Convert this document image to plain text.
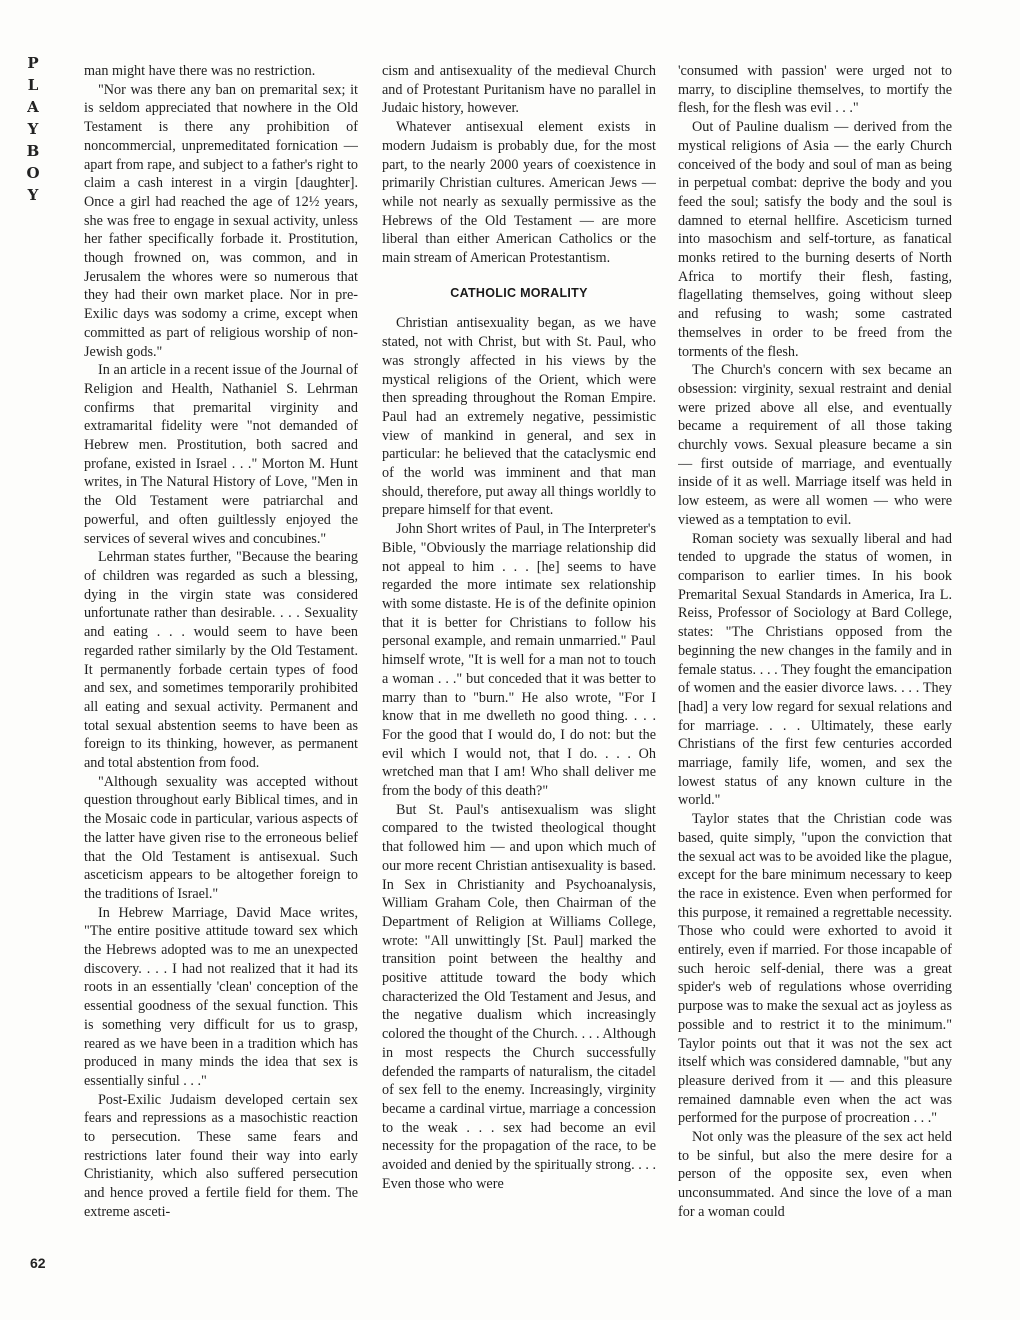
P
L
A
Y
B
O
Y

man might have there was no restriction.

"Nor was there any ban on premarital sex; it is seldom appreciated that nowhere in the Old Testament is there any prohibition of noncommercial, unpremeditated fornication — apart from rape, and subject to a father's right to claim a cash interest in a virgin [daughter]. Once a girl had reached the age of 12½ years, she was free to engage in sexual activity, unless her father specifically forbade it. Prostitution, though frowned on, was common, and in Jerusalem the whores were so numerous that they had their own market place. Nor in pre-Exilic days was sodomy a crime, except when committed as part of religious worship of non-Jewish gods."

In an article in a recent issue of the Journal of Religion and Health, Nathaniel S. Lehrman confirms that premarital virginity and extramarital fidelity were "not demanded of Hebrew men. Prostitution, both sacred and profane, existed in Israel . . ." Morton M. Hunt writes, in The Natural History of Love, "Men in the Old Testament were patriarchal and powerful, and often guiltlessly enjoyed the services of several wives and concubines."

Lehrman states further, "Because the bearing of children was regarded as such a blessing, dying in the virgin state was considered unfortunate rather than desirable. . . . Sexuality and eating . . . would seem to have been regarded rather similarly by the Old Testament. It permanently forbade certain types of food and sex, and sometimes temporarily prohibited all eating and sexual activity. Permanent and total sexual abstention seems to have been as foreign to its thinking, however, as permanent and total abstention from food.

"Although sexuality was accepted without question throughout early Biblical times, and in the Mosaic code in particular, various aspects of the latter have given rise to the erroneous belief that the Old Testament is antisexual. Such asceticism appears to be altogether foreign to the traditions of Israel."

In Hebrew Marriage, David Mace writes, "The entire positive attitude toward sex which the Hebrews adopted was to me an unexpected discovery. . . . I had not realized that it had its roots in an essentially 'clean' conception of the essential goodness of the sexual function. This is something very difficult for us to grasp, reared as we have been in a tradition which has produced in many minds the idea that sex is essentially sinful . . ."

Post-Exilic Judaism developed certain sex fears and repressions as a masochistic reaction to persecution. These same fears and restrictions later found their way into early Christianity, which also suffered persecution and hence proved a fertile field for them. The extreme asceti-

cism and antisexuality of the medieval Church and of Protestant Puritanism have no parallel in Judaic history, however.

Whatever antisexual element exists in modern Judaism is probably due, for the most part, to the nearly 2000 years of coexistence in primarily Christian cultures. American Jews — while not nearly as sexually permissive as the Hebrews of the Old Testament — are more liberal than either American Catholics or the main stream of American Protestantism.

CATHOLIC MORALITY

Christian antisexuality began, as we have stated, not with Christ, but with St. Paul, who was strongly affected in his views by the mystical religions of the Orient, which were then spreading throughout the Roman Empire. Paul had an extremely negative, pessimistic view of mankind in general, and sex in particular: he believed that the cataclysmic end of the world was imminent and that man should, therefore, put away all things worldly to prepare himself for that event.

John Short writes of Paul, in The Interpreter's Bible, "Obviously the marriage relationship did not appeal to him . . . [he] seems to have regarded the more intimate sex relationship with some distaste. He is of the definite opinion that it is better for Christians to follow his personal example, and remain unmarried." Paul himself wrote, "It is well for a man not to touch a woman . . ." but conceded that it was better to marry than to "burn." He also wrote, "For I know that in me dwelleth no good thing. . . . For the good that I would do, I do not: but the evil which I would not, that I do. . . . Oh wretched man that I am! Who shall deliver me from the body of this death?"

But St. Paul's antisexualism was slight compared to the twisted theological thought that followed him — and upon which much of our more recent Christian antisexuality is based. In Sex in Christianity and Psychoanalysis, William Graham Cole, then Chairman of the Department of Religion at Williams College, wrote: "All unwittingly [St. Paul] marked the transition point between the healthy and positive attitude toward the body which characterized the Old Testament and Jesus, and the negative dualism which increasingly colored the thought of the Church. . . . Although in most respects the Church successfully defended the ramparts of naturalism, the citadel of sex fell to the enemy. Increasingly, virginity became a cardinal virtue, marriage a concession to the weak . . . sex had become an evil necessity for the propagation of the race, to be avoided and denied by the spiritually strong. . . . Even those who were

'consumed with passion' were urged not to marry, to discipline themselves, to mortify the flesh, for the flesh was evil . . ."

Out of Pauline dualism — derived from the mystical religions of Asia — the early Church conceived of the body and soul of man as being in perpetual combat: deprive the body and you feed the soul; satisfy the body and the soul is damned to eternal hellfire. Asceticism turned into masochism and self-torture, as fanatical monks retired to the burning deserts of North Africa to mortify their flesh, fasting, flagellating themselves, going without sleep and refusing to wash; some castrated themselves in order to be freed from the torments of the flesh.

The Church's concern with sex became an obsession: virginity, sexual restraint and denial were prized above all else, and eventually became a requirement of all those taking churchly vows. Sexual pleasure became a sin — first outside of marriage, and eventually inside of it as well. Marriage itself was held in low esteem, as were all women — who were viewed as a temptation to evil.

Roman society was sexually liberal and had tended to upgrade the status of women, in comparison to earlier times. In his book Premarital Sexual Standards in America, Ira L. Reiss, Professor of Sociology at Bard College, states: "The Christians opposed from the beginning the new changes in the family and in female status. . . . They fought the emancipation of women and the easier divorce laws. . . . They [had] a very low regard for sexual relations and for marriage. . . . Ultimately, these early Christians of the first few centuries accorded marriage, family life, women, and sex the lowest status of any known culture in the world."

Taylor states that the Christian code was based, quite simply, "upon the conviction that the sexual act was to be avoided like the plague, except for the bare minimum necessary to keep the race in existence. Even when performed for this purpose, it remained a regrettable necessity. Those who could were exhorted to avoid it entirely, even if married. For those incapable of such heroic self-denial, there was a great spider's web of regulations whose overriding purpose was to make the sexual act as joyless as possible and to restrict it to the minimum." Taylor points out that it was not the sex act itself which was considered damnable, "but any pleasure derived from it — and this pleasure remained damnable even when the act was performed for the purpose of procreation . . ."

Not only was the pleasure of the sex act held to be sinful, but also the mere desire for a person of the opposite sex, even when unconsummated. And since the love of a man for a woman could

62
